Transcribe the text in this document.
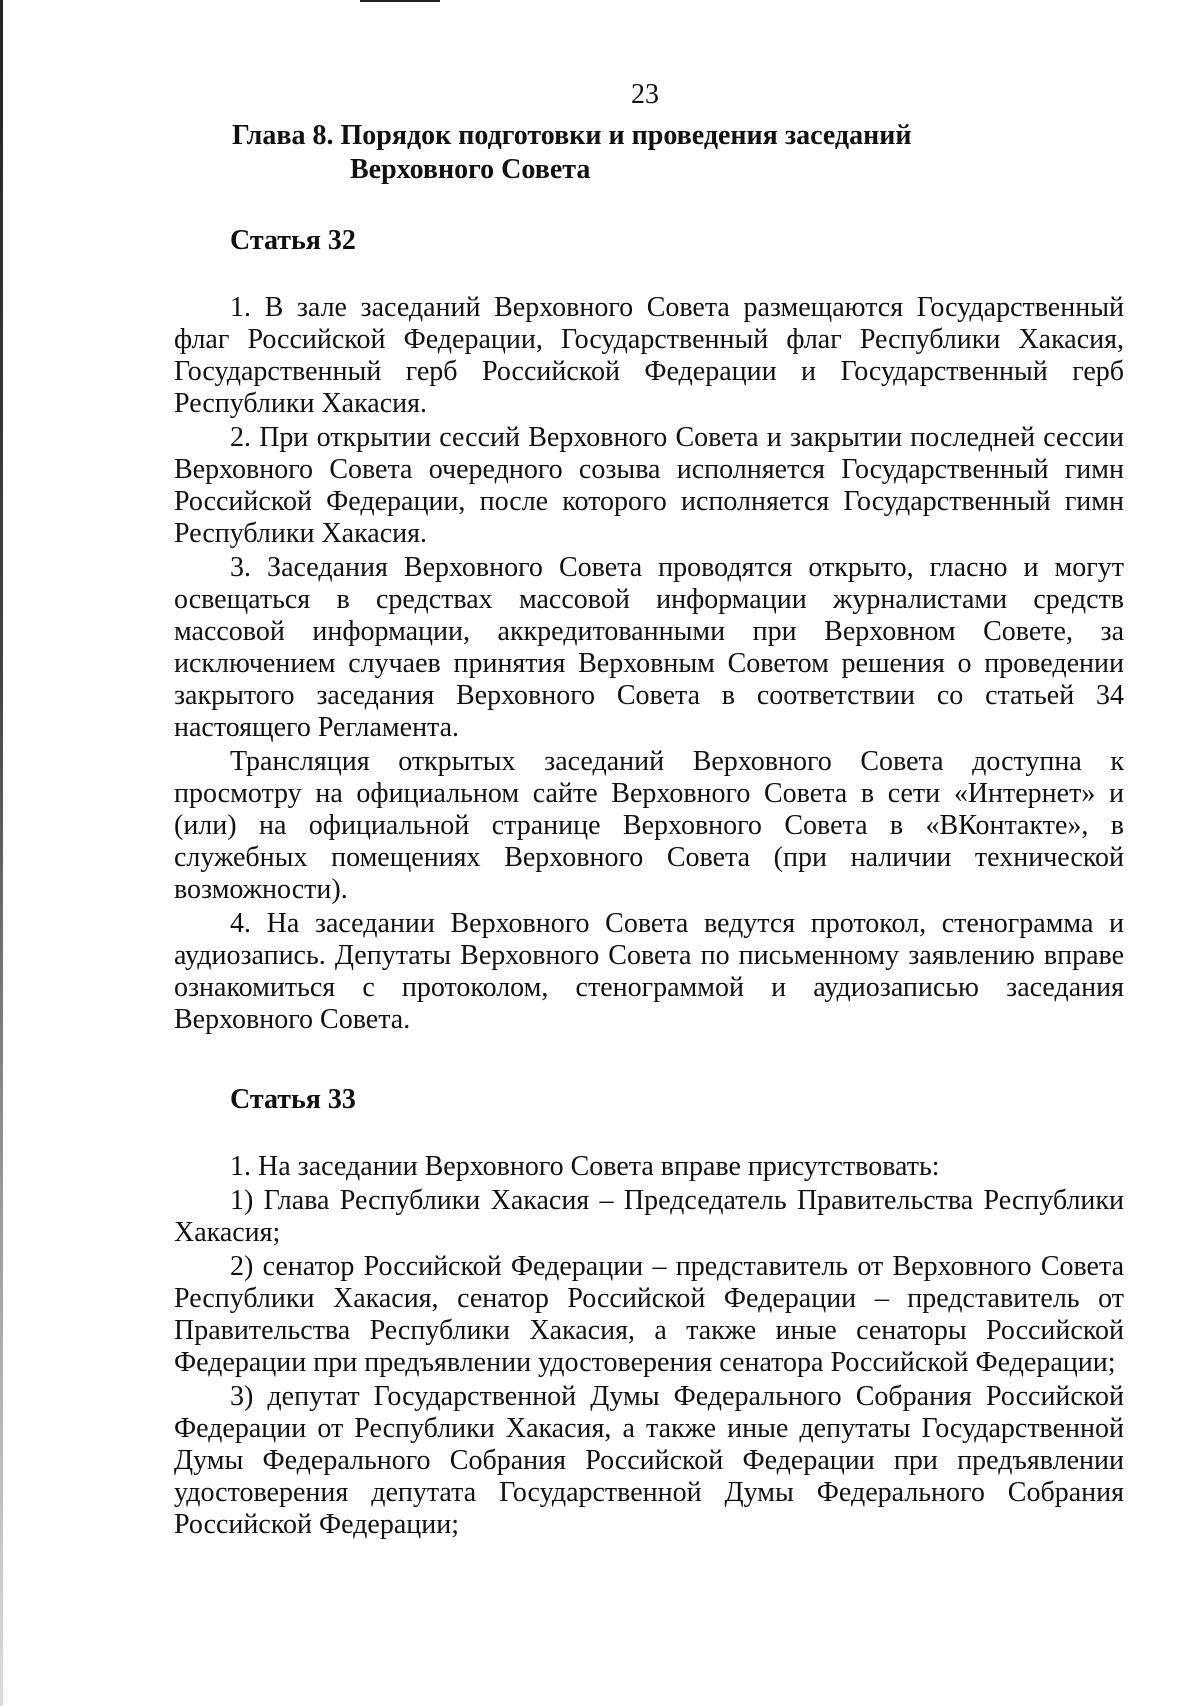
23
Глава 8. Порядок подготовки и проведения заседаний
Верховного Совета
Статья 32

1. В зале заседаний Верховного Совета размещаются Государственный флаг Российской Федерации, Государственный флаг Республики Хакасия, Государственный герб Российской Федерации и Государственный герб Республики Хакасия.

2. При открытии сессий Верховного Совета и закрытии последней сессии Верховного Совета очередного созыва исполняется Государственный гимн Российской Федерации, после которого исполняется Государственный гимн Республики Хакасия.

3. Заседания Верховного Совета проводятся открыто, гласно и могут освещаться в средствах массовой информации журналистами средств массовой информации, аккредитованными при Верховном Совете, за исключением случаев принятия Верховным Советом решения о проведении закрытого заседания Верховного Совета в соответствии со статьей 34 настоящего Регламента.

Трансляция открытых заседаний Верховного Совета доступна к просмотру на официальном сайте Верховного Совета в сети «Интернет» и (или) на официальной странице Верховного Совета в «ВКонтакте», в служебных помещениях Верховного Совета (при наличии технической возможности).

4. На заседании Верховного Совета ведутся протокол, стенограмма и аудиозапись. Депутаты Верховного Совета по письменному заявлению вправе ознакомиться с протоколом, стенограммой и аудиозаписью заседания Верховного Совета.

Статья 33

1. На заседании Верховного Совета вправе присутствовать:

1) Глава Республики Хакасия – Председатель Правительства Республики Хакасия;

2) сенатор Российской Федерации – представитель от Верховного Совета Республики Хакасия, сенатор Российской Федерации – представитель от Правительства Республики Хакасия, а также иные сенаторы Российской Федерации при предъявлении удостоверения сенатора Российской Федерации;

3) депутат Государственной Думы Федерального Собрания Российской Федерации от Республики Хакасия, а также иные депутаты Государственной Думы Федерального Собрания Российской Федерации при предъявлении удостоверения депутата Государственной Думы Федерального Собрания Российской Федерации;
